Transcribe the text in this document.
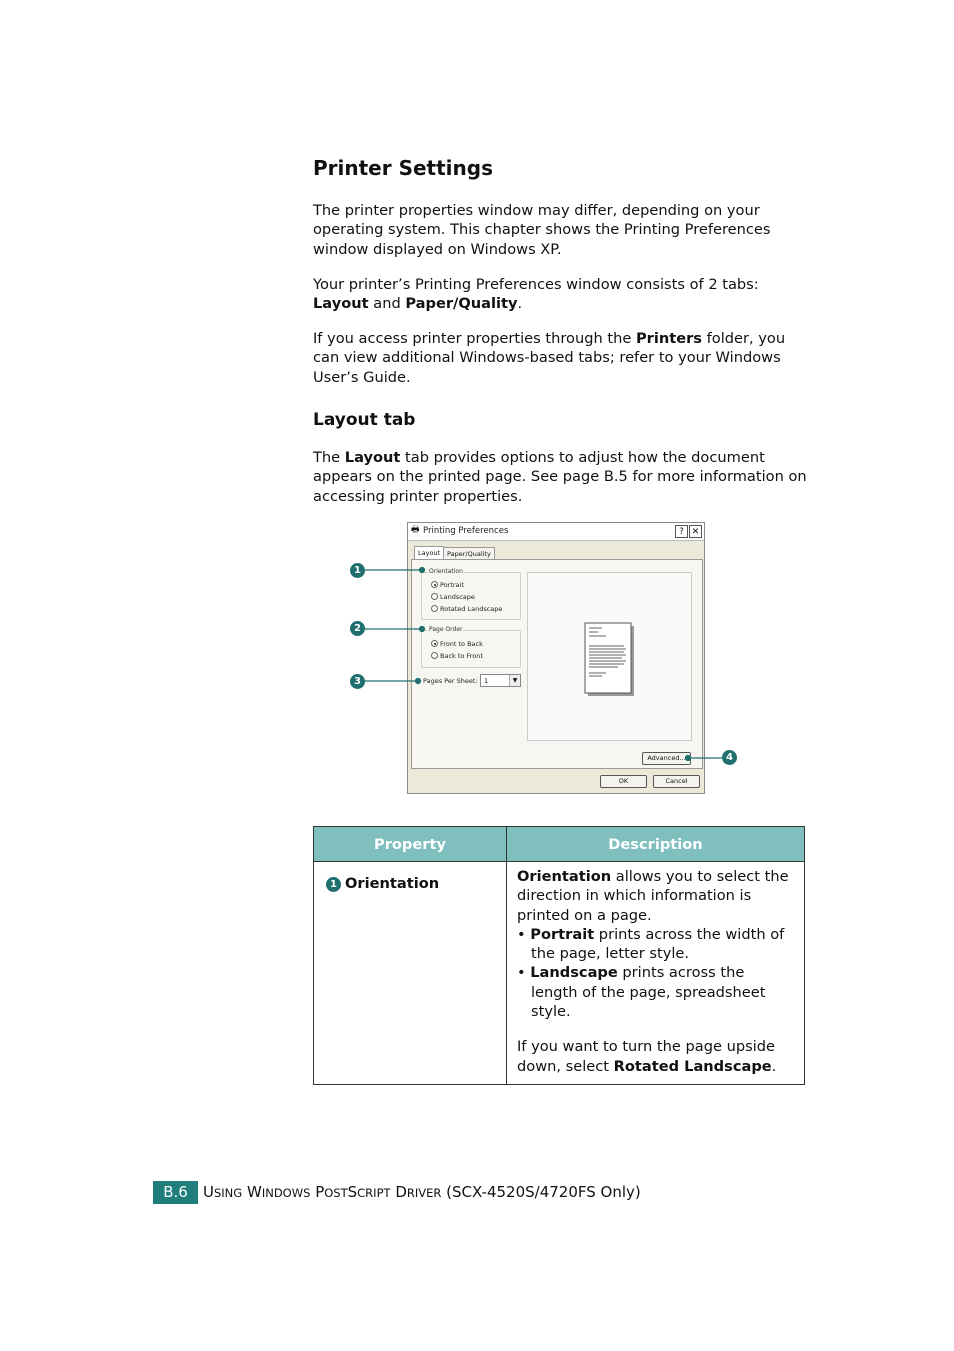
Printer Settings

The printer properties window may differ, depending on your operating system. This chapter shows the Printing Preferences window displayed on Windows XP.

Your printer’s Printing Preferences window consists of 2 tabs: Layout and Paper/Quality.

If you access printer properties through the Printers folder, you can view additional Windows-based tabs; refer to your Windows User’s Guide.

Layout tab

The Layout tab provides options to adjust how the document appears on the printed page. See page B.5 for more information on accessing printer properties.

🖶 Printing Preferences	? ✕
Layout	Paper/Quality
Orientation
Portrait
Landscape
Rotated Landscape
Page Order
Front to Back
Back to Front
Pages Per Sheet: 1	▼
Advanced...
OK	Cancel
1
2
3
4
Property	Description
1 Orientation	Orientation allows you to select the direction in which information is printed on a page.
• Portrait prints across the width of the page, letter style.
• Landscape prints across the length of the page, spreadsheet style.
If you want to turn the page upside down, select Rotated Landscape.
B.6	USING WINDOWS POSTSCRIPT DRIVER (SCX-4520S/4720FS Only)
